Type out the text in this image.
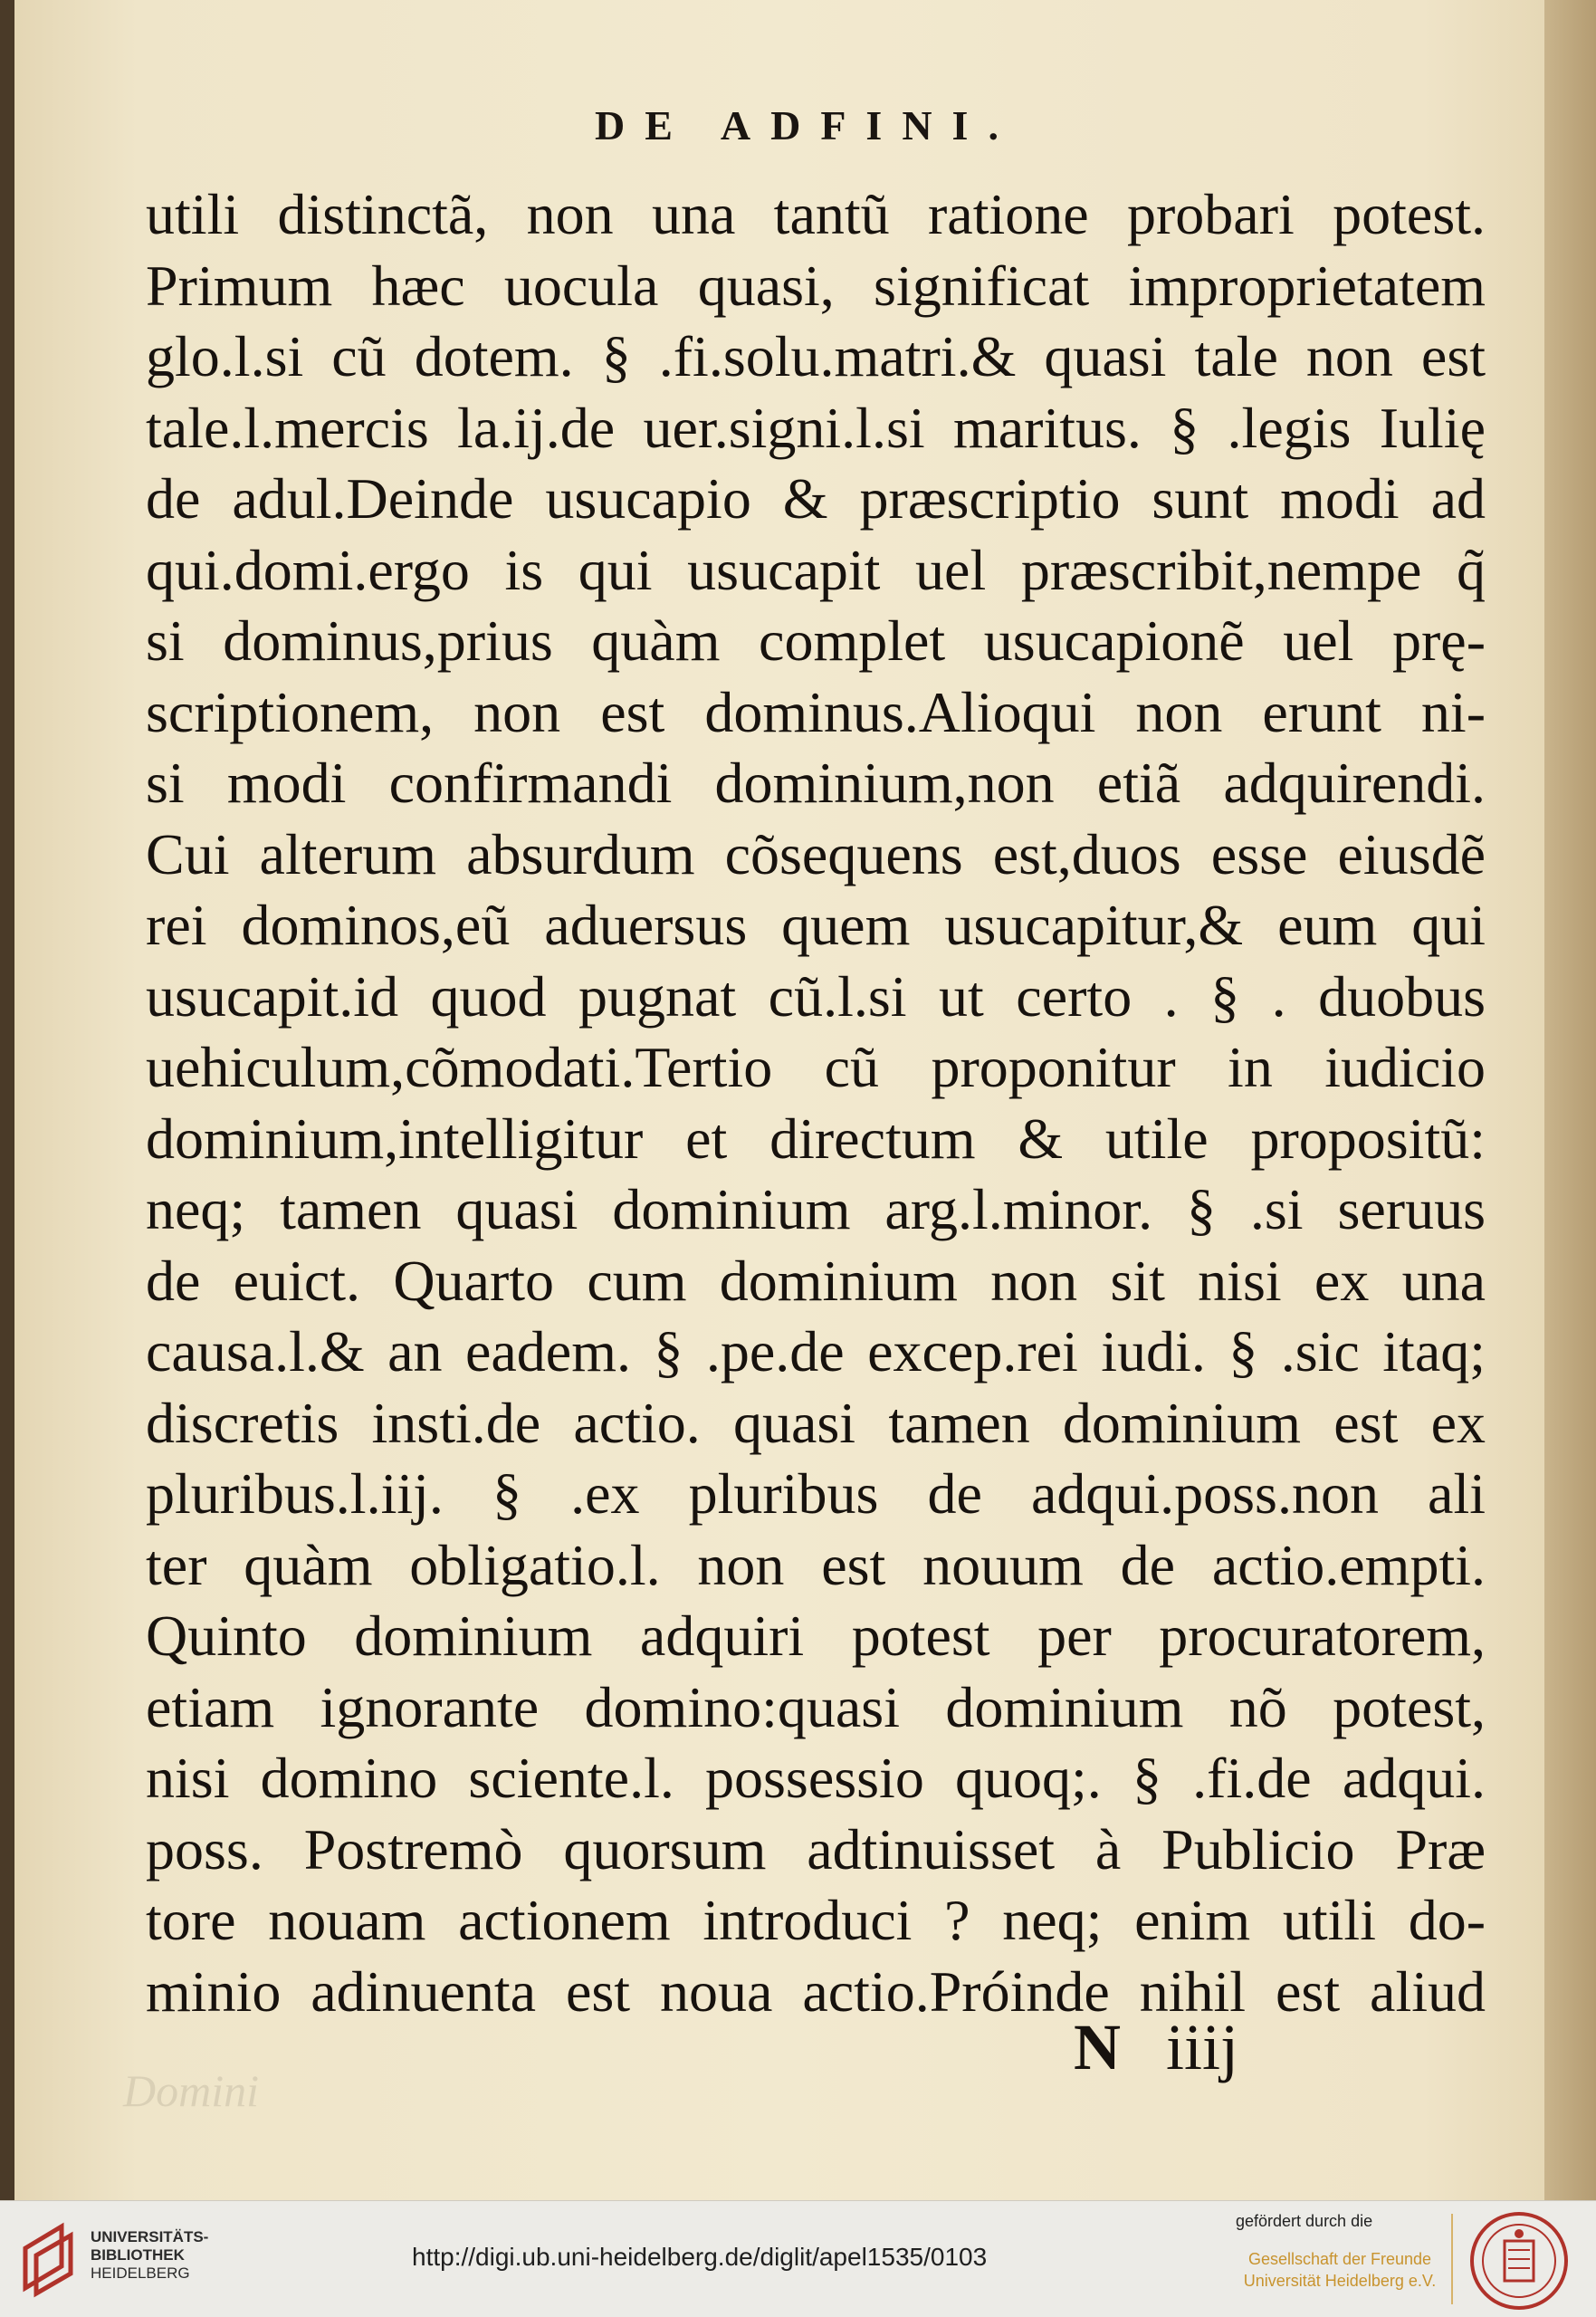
DE ADFINI.
utili distinctã, non una tantũ ratione probari potest.
Primum hæc uocula quasi, significat improprietatem
glo.l.si cũ dotem. § .fi.solu.matri.& quasi tale non est
tale.l.mercis la.ij.de uer.signi.l.si maritus. § .legis Iulię
de adul.Deinde usucapio & præscriptio sunt modi ad
qui.domi.ergo is qui usucapit uel præscribit,nempe q̃
si dominus,prius quàm complet usucapionẽ uel prę-
scriptionem, non est dominus.Alioqui non erunt ni-
si modi confirmandi dominium,non etiã adquirendi.
Cui alterum absurdum cõsequens est,duos esse eiusdẽ
rei dominos,eũ aduersus quem usucapitur,& eum qui
usucapit.id quod pugnat cũ.l.si ut certo . § . duobus
uehiculum,cõmodati.Tertio cũ proponitur in iudicio
dominium,intelligitur et directum & utile propositũ:
neq; tamen quasi dominium arg.l.minor. § .si seruus
de euict. Quarto cum dominium non sit nisi ex una
causa.l.& an eadem. § .pe.de excep.rei iudi. § .sic itaq;
discretis insti.de actio. quasi tamen dominium est ex
pluribus.l.iij. § .ex pluribus de adqui.poss.non ali
ter quàm obligatio.l. non est nouum de actio.empti.
Quinto dominium adquiri potest per procuratorem,
etiam ignorante domino:quasi dominium nõ potest,
nisi domino sciente.l. possessio quoq;. § .fi.de adqui.
poss. Postremò quorsum adtinuisset à Publicio Præ
tore nouam actionem introduci ? neq; enim utili do-
minio adinuenta est noua actio.Próinde nihil est aliud
N iiij
Domini
UNIVERSITÄTS-
BIBLIOTHEK
HEIDELBERG
http://digi.ub.uni-heidelberg.de/diglit/apel1535/0103
gefördert durch die
Gesellschaft der Freunde
Universität Heidelberg e.V.
